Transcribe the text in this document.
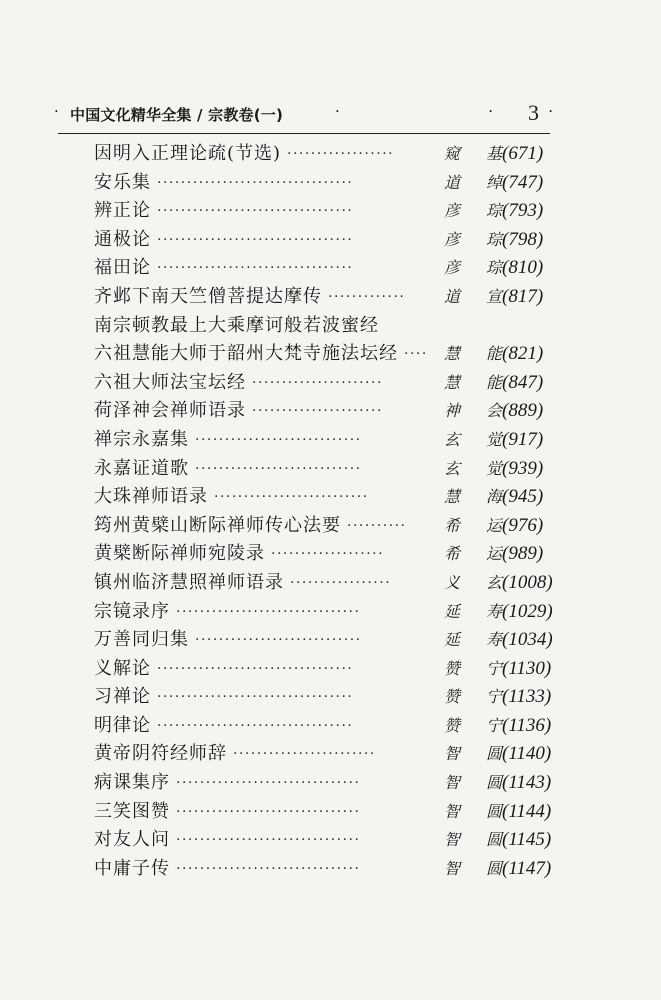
· 中国文化精华全集 / 宗教卷(一)	·	· 3 ·
因明入正理论疏(节选) ··················	窥 基 (671)
安乐集 ·································	道 绰 (747)
辨正论 ·································	彦 琮 (793)
通极论 ·································	彦 琮 (798)
福田论 ·································	彦 琮 (810)
齐邺下南天竺僧菩提达摩传 ·············	道 宣 (817)
南宗顿教最上大乘摩诃般若波蜜经
六祖慧能大师于韶州大梵寺施法坛经 ····	慧 能 (821)
六祖大师法宝坛经 ······················	慧 能 (847)
荷泽神会禅师语录 ······················	神 会 (889)
禅宗永嘉集 ····························	玄 觉 (917)
永嘉证道歌 ····························	玄 觉 (939)
大珠禅师语录 ··························	慧 海 (945)
筠州黄檗山断际禅师传心法要 ··········	希 运 (976)
黄檗断际禅师宛陵录 ···················	希 运 (989)
镇州临济慧照禅师语录 ·················	义 玄 (1008)
宗镜录序 ·······························	延 寿 (1029)
万善同归集 ····························	延 寿 (1034)
义解论 ·································	赞 宁 (1130)
习禅论 ·································	赞 宁 (1133)
明律论 ·································	赞 宁 (1136)
黄帝阴符经师辞 ························	智 圆 (1140)
病课集序 ·······························	智 圆 (1143)
三笑图赞 ·······························	智 圆 (1144)
对友人问 ·······························	智 圆 (1145)
中庸子传 ·······························	智 圆 (1147)
